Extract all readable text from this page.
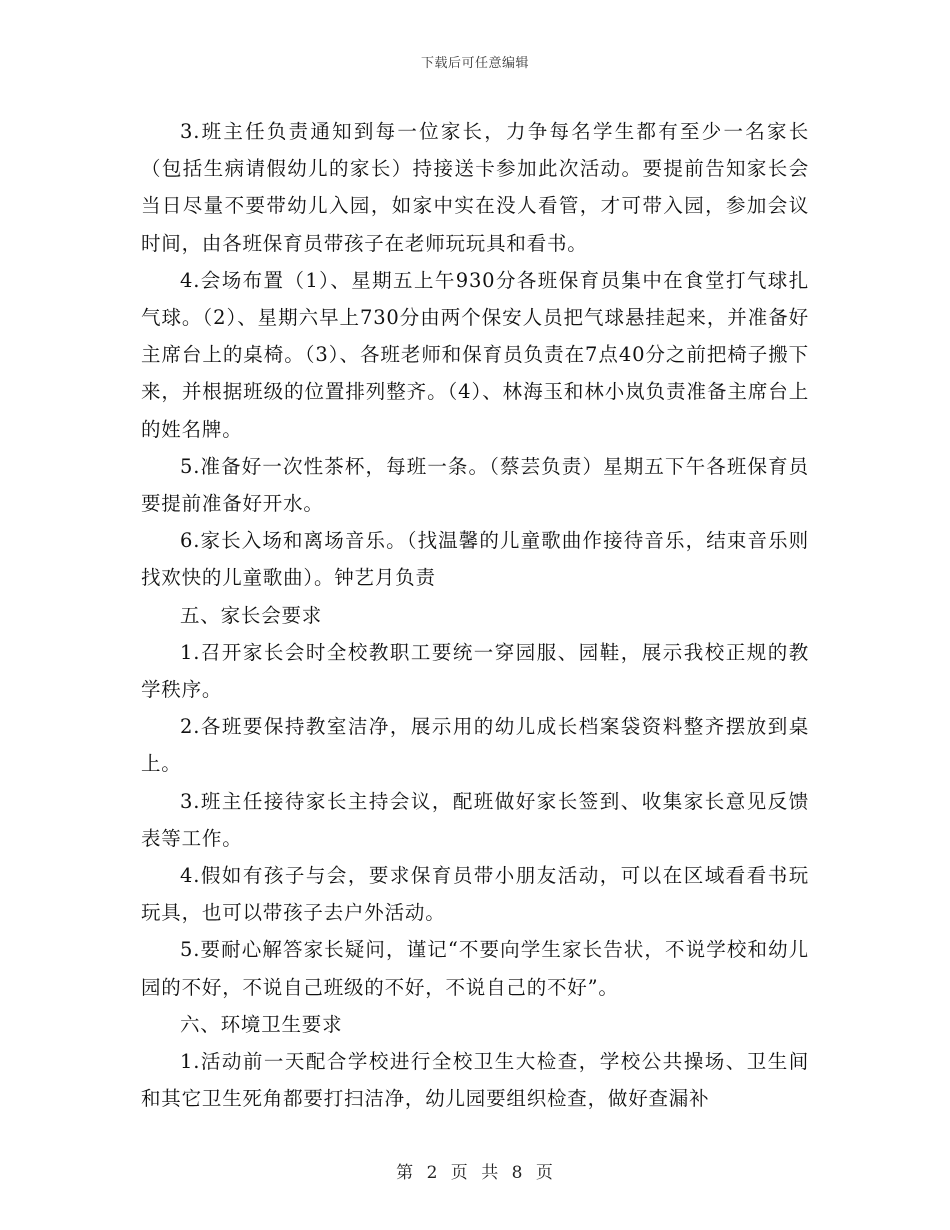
下载后可任意编辑

3.班主任负责通知到每一位家长，力争每名学生都有至少一名家长（包括生病请假幼儿的家长）持接送卡参加此次活动。要提前告知家长会当日尽量不要带幼儿入园，如家中实在没人看管，才可带入园，参加会议时间，由各班保育员带孩子在老师玩玩具和看书。

4.会场布置（1）、星期五上午930分各班保育员集中在食堂打气球扎气球。（2）、星期六早上730分由两个保安人员把气球悬挂起来，并准备好主席台上的桌椅。（3）、各班老师和保育员负责在7点40分之前把椅子搬下来，并根据班级的位置排列整齐。（4）、林海玉和林小岚负责准备主席台上的姓名牌。

5.准备好一次性茶杯，每班一条。（蔡芸负责）星期五下午各班保育员要提前准备好开水。

6.家长入场和离场音乐。（找温馨的儿童歌曲作接待音乐，结束音乐则找欢快的儿童歌曲）。钟艺月负责

五、家长会要求

1.召开家长会时全校教职工要统一穿园服、园鞋，展示我校正规的教学秩序。

2.各班要保持教室洁净，展示用的幼儿成长档案袋资料整齐摆放到桌上。

3.班主任接待家长主持会议，配班做好家长签到、收集家长意见反馈表等工作。

4.假如有孩子与会，要求保育员带小朋友活动，可以在区域看看书玩玩具，也可以带孩子去户外活动。

5.要耐心解答家长疑问，谨记“不要向学生家长告状，不说学校和幼儿园的不好，不说自己班级的不好，不说自己的不好”。

六、环境卫生要求

1.活动前一天配合学校进行全校卫生大检查，学校公共操场、卫生间和其它卫生死角都要打扫洁净，幼儿园要组织检查，做好查漏补

第 2 页 共 8 页
